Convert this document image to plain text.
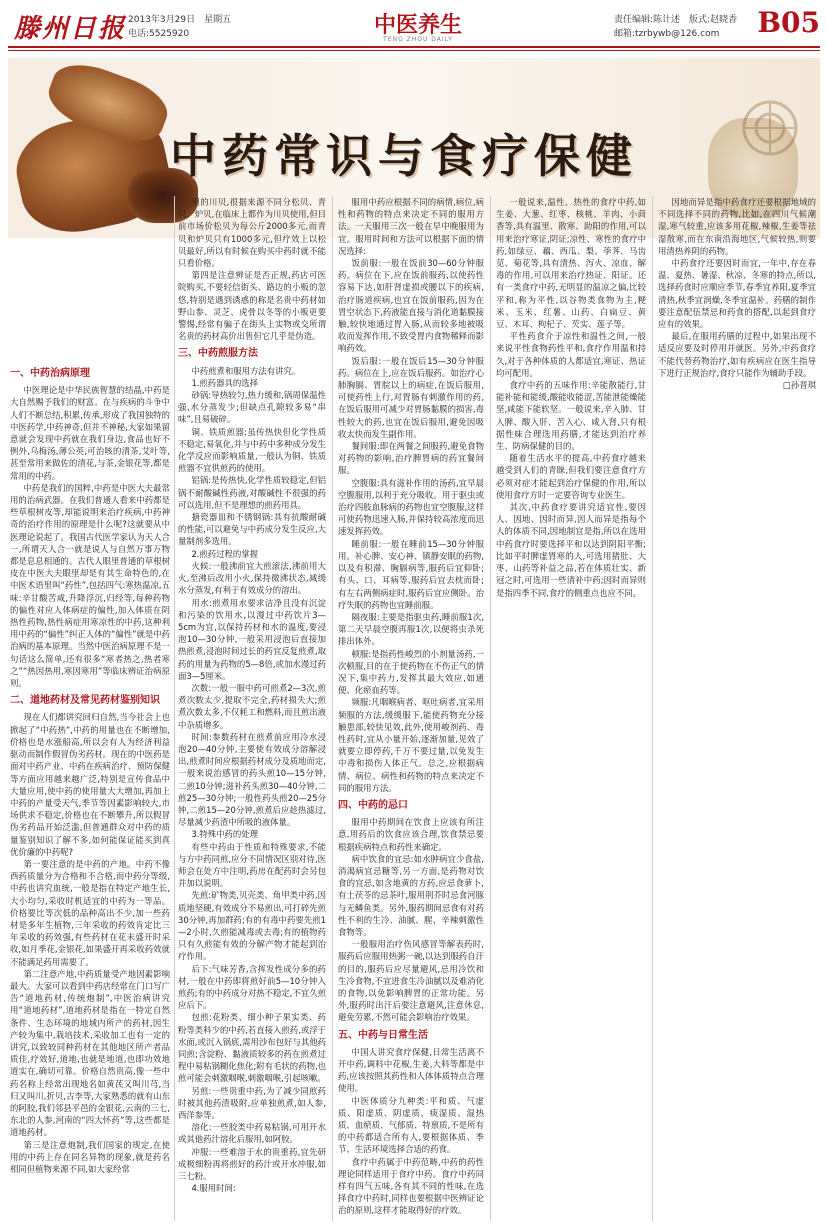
滕州日报 2013年3月29日　星期五
电话:5525920	中医养生
TENG ZHOU DAILY
责任编辑:陈计述　版式:赵晓香
邮箱:tzrbywb@126.com B05
中药常识与食疗保健

用的川贝,很据来源不同分松贝、青贝、炉贝,在临床上都作为川贝使用,但目前市场价松贝为每公斤2000多元,而青贝和炉贝只有1000多元,但疗效上以松贝最好,所以有时候在购买中药时就不能只看价格。

第四是注意辨证是否正规,药店可医院购买,不要轻信街头、路边的小贩的忽悠,特别是遇到诱惑的称是名贵中药材如野山参、灵芝、虎骨以冬等的小贩更要警惕,经常有骗子在街头上实物或交所谓名贵的药材高价出售但它几乎是伪造。

三、中药煎服方法

中药煎煮和服用方法有讲究。

1.煎药器具的选择

砂锅:导热较匀,热力缓和,锅周保温性强,水分蒸发少;但缺点孔隙较多易“串味”,且易破碎。

铜、铁质煎器:虽传热快但化学性质不稳定,易氧化,并与中药中多种成分发生化学反应而影响质量,一般认为铜、铁质煎器不宜供煎药的使用。

铝锅:是传热快,化学性质较稳定,但铝锅不耐酸碱性药液,对酸碱性不很强的药可以选用,但不是理想的煎药用具。

搪瓷器皿和不锈钢锅:具有抗酸耐碱的性能,可以避免与中药成分发生反应,大量制剂多选用。

2.煎药过程的掌握

火候:一般沸前宜大煎滚法,沸前用大火,至沸后改用小火,保持微沸状态,减缓水分蒸发,有利于有效成分的溶出。

用水:煎煮用水要求洁净且没有沉淀和污染的饮用水,以漫过中药饮片3—5cm为宜,以保持药材和水的温度,要浸泡10—30分钟,一般采用浸泡后直接加热煎煮,浸泡时间过长的药宜反复煎煮,取药的用量为药物的5—8倍,或加水漫过药面3—5厘米。

次数:一般一服中药可煎煮2—3次,煎煮次数太少,提取不完全,药材损失大;煎煮次数太多,不仅耗工和燃料,而且煎出液中杂质增多。

时间:参数药材在煎煮前应用冷水浸泡20—40分钟,主要使有效成分溶解浸出,煎煮时间应根据药材成分及质地而定,一般来说治感冒的药头煎10—15分钟,二煎10分钟;滋补药头煎30—40分钟,二煎25—30分钟;一般性药头煎20—25分钟,二煎15—20分钟,煎煮后应趁热滤过,尽量减少药渣中所吸的液体量。

3.特殊中药的处理

有些中药由于性质和特殊要求,不能与方中药同煎,应分不同情况区别对待,医师会在处方中注明,药房在配药时会另包并加以说明。

先煎:矿物类,贝壳类、角甲类中药,因质地坚硬,有效成分不易煎出,可打碎先煎30分钟,再加群药;有的有毒中药要先煎1—2小时,久煎能减毒或去毒;有的植物药只有久煎能有效的分解产物才能起到治疗作用。

后下:气味芳香,含挥发性成分多的药材,一般在中药即将煎好前5—10分钟入煎药;有的中药成分对热不稳定,不宜久煎应后下。

包煎:花粉类、细小种子果实类、药粉等类料少的中药,若直接入煎药,或浮于水面,或沉入锅底,需用沙布包好与其他药同煎;含淀粉、黏液质较多的药在煎煮过程中易粘锅糊化焦化;附有毛状的药物,也煎可能会刺激咽喉,刺激咽喉,引起咳嗽。

另煎:一些贵重中药,为了减少同煎药时被其他药渣吸附,应单独煎煮,如人参,西洋参等。

溶化:一些胶类中药易粘锅,可用开水或其他药汁溶化后服用,如阿胶。

冲服:一些难溶于水的贵重药,宜先研成极细粉再将煎好的药汁或开水冲服,如三七粉。

4.服用时间:

服用中药应根据不同的病情,病位,病性和药物的特点来决定不同的服用方法。一天服用三次一般在早中晚服用为宜。服用时间和方法可以根据下面的情况选择:

饭前服:一般在饭前30—60分钟服药。病位在下,应在饭前服药,以使药性容易下达,如肝肾虚损或腰以下的疾病,治疗肠道疾病,也宜在饭前服药,因为在胃空状态下,药液能直接与消化道黏膜接触,较快地通过胃入肠,从而较多地被吸收而发挥作用,不致受胃内食物稀释而影响药效。

饭后服:一般在饭后15—30分钟服药。病位在上,应在饭后服药。如治疗心肺胸膈、胃脘以上的病症,在饭后服用,可使药性上行,对胃肠有刺激作用的药,在饭后服用可减少对胃肠黏膜的损害,毒性较大的药,也宜在饭后服用,避免因吸收太快而发生副作用。

餐间服:即在两餐之间服药,避免食物对药物的影响,治疗脾胃病的药宜餐间服。

空腹服:具有滋补作用的汤药,宜早晨空腹服用,以利于充分吸收。用于驱虫或治疗四肢血脉病的药物也宜空腹服,这样可使药物迅速入肠,并保持较高浓度而迅速发挥药效。

睡前服:一般在睡前15—30分钟服用。补心脾、安心神、镇静安眠的药物,以及有积滞、胸膈病等,服药后宜仰卧;有头、口、耳病等,服药后宜去枕而卧;有左右两侧病症时,服药后宜应侧卧。治疗失眠的药物也宜睡前服。

隔夜服:主要是指驱虫药,睡前服1次,第二天早晨空腹再服1次,以便将虫杀死排出体外。

顿服:是指药性峻烈的小剂量汤药,一次顿服,目的在于使药物在不伤正气的情况下,集中药力,发挥其最大效应,如通便、化瘀血药等。

频服:凡咽喉病者、呕吐病者,宜采用频服的方法,缓缓服下,能使药物充分接触患部,较快见效,此外,使用峻剂药、毒性药时,宜从小量开始,逐渐加量,见效了就要立即停药,千万不要过量,以免发生中毒和损伤人体正气。总之,应根据病情、病位、病性和药物的特点来决定不同的服用方法。

四、中药的忌口

服用中药期间在饮食上应该有所注意,用药后的饮食应该合理,饮食禁忌要根据疾病特点和药性来确定。

病中饮食的宜忌:如水肿病宜少食盐,消渴病宜忌糖等,另一方面,是药物对饮食的宜忌,如含地黄的方药,应忌食萝卜,有土茯苓的忌茶叶,服用荆芥时忌食河豚与无鳞鱼类。另外,服药期间忌食有对药性不利的生冷、油腻、腥、辛辣刺激性食物等。

一般服用治疗伤风感冒等解表药时,服药后应服用热粥一碗,以达到服药自汗的目的,服药后应尽量避风,忌用冷饮和生冷食物,不宜进食生冷油腻以及难消化的食物,以免影响脾胃的正常功能。另外,服药时出汗后要注意避风,注意休息,避免劳累,不然可能会影响治疗效果。

五、中药与日常生活

中国人讲究食疗保健,日常生活离不开中药,调料中花椒,生姜,大料等都是中药,应该按照其药性和人体体质特点合理使用。

中医体质分九种类:平和质、气虚质、阳虚质、阴虚质、痰湿质、湿热质、血瘀质、气郁质、特禀质,不是所有的中药都适合所有人,要根据体质、季节、生活环境选择合适的药食。

食疗中药属于中药范畴,中药的药性理论同样适用于食疗中药。食疗中药同样有四气五味,各有其不同的性味,在选择食疗中药时,同样也要根据中医辨证论治的原则,这样才能取得好的疗效。

一般说来,温性、热性的食疗中药,如生姜、大葱、红枣、核桃、羊肉、小茴香等,具有温里、散寒、助阳的作用,可以用来治疗寒证,阴证;凉性、寒性的食疗中药,如绿豆、藕、西瓜、梨、荸荠、马齿苋、菊花等,具有清热、泻火、凉血、解毒的作用,可以用来治疗热证、阳证。还有一类食疗中药,无明显的温凉之偏,比较平和,称为平性,以谷物类食物为主,粳米、玉米、红薯、山药、白扁豆、黄豆、木耳、枸杞子、芡实、莲子等。

平性药食介于凉性和温性之间,一般来说平性食物药性平和,食疗作用温和持久,对于各种体质的人都适宜,寒证、热证均可配用。

食疗中药的五味作用:辛能散能行,甘能补能和能缓,酸能收能涩,苦能泄能燥能坚,咸能下能软坚。一般说来,辛入肺、甘入脾、酸入肝、苦入心、咸入肾,只有根据性味合理选用药膳,才能达到治疗养生、防病保健的目的。

随着生活水平的提高,中药食疗越来越受到人们的青睐,但我们要注意食疗方必须对症才能起到治疗保健的作用,所以使用食疗方时一定要咨询专业医生。

其次,中药食疗要讲究适宜性,要因人、因地、因时而异,因人而异是指每个人的体质不同,因地制宜是指,所以在选用中药食疗时要选择平和以达到阴阳平衡;比如平时脾虚胃寒的人,可选用猪肚、大枣、山药等补益之品,若在体质壮实、新冠之时,可选用一些清补中药;因时而异则是指四季不同,食疗的侧重点也应不同。

因地而异是指中药食疗还要根据地域的不同选择不同的药物,比如,在四川气候潮湿,寒气较重,应该多用花椒,辣椒,生姜等祛湿散寒,而在东南沿海地区,气候较热,则要用清热养阴的药物。

中药食疗还要因时而宜,一年中,存在春温、夏热、暑湿、秋凉、冬寒的特点,所以,选择药食时应顺应季节,春季宜养阳,夏季宜清热,秋季宜润燥,冬季宜温补。药膳的制作要注意配伍禁忌和药食的搭配,以起到食疗应有的效果。

最后,在服用药膳的过程中,如果出现不适反应要及时停用并就医。另外,中药食疗不能代替药物治疗,如有疾病应在医生指导下进行正规治疗,食疗只能作为辅助手段。

□孙晋琪

一、中药治病原理

中医理论是中华民族智慧的结晶,中药是大自然赐予我们的财富。在与疾病的斗争中人们不断总结,积累,传承,形成了我国独特的中医药学,中药神奇,但并不神秘,大家如果留意就会发现中药就在我们身边,食品也好不例外,乌梅汤,薄公英,可治咳的清茶,艾叶等,甚至常用来做佐的清花,与茶,金银花等,都是常用的中药。

中药是我们的国粹,中药是中医大夫最常用的治病武器。在我们普通人看来中药都是些草根树皮等,却能说明来治疗疾病,中药神奇的治疗作用的原理是什么呢?这就要从中医理论说起了。我国古代医学家认为天人合一,所谓天人合一就是说人与自然万事万物都是息息相通的。古代人眼里普通的草根树皮在中医大夫眼里却是有其生命特色的,在中医术语里叫“药性”,包括四气:寒热温凉,五味:辛甘酸苦咸,升降浮沉,归经等,每种药物的偏性对应人体病症的偏性,加入体质在阴热性药物,热性病症用寒凉性的中药,这种利用中药的“偏性”纠正人体的“偏性”就是中药治病的基本原理。当然中医治病原理不是一句话这么简单,还有很多“寒者热之,热者寒之”“热因热用,寒因寒用”等临床辨证治病原则。

二、道地药材及常见药材鉴别知识

现在人们都讲究回归自然,当今社会上也掀起了“中药热”,中药的用量也在不断增加,价格也是水涨船高,所以会有人为经济利益驱动而制作假冒伪劣药材。现在的中医药是面对中药产业、中药在疾病治疗、预防保健等方面应用越来越广泛,特别是宣传食品中大量应用,使中药的使用量大大增加,再加上中药的产量受天气,季节等因素影响较大,市场供求不稳定,价格也在不断攀升,所以假冒伪劣药品开始泛滥,但普通群众对中药的质量鉴别知识了解不多,如何能保证能买到真优价廉的中药呢?

第一要注意的是中药的产地。中药不像西药质量分为合格和不合格,而中药分等级,中药也讲究血统,一般是指在特定产地生长,大小均匀,采收时机适宜的中药为一等品。价格要比等次低的品种高出不少,加一些药材是多年生植物,三年采收的药效肯定比三年采收的药效强,有些药材在花未盛开时采收,如月季花,金银花,如果盛开再采收药效就不能满足药用需要了。

第二注意产地,中药质量受产地因素影响最大。大家可以看到中药店经常在门口写广告“道地药材,传统炮制”,中医治病讲究用“道地药材”,道地药材是指在一特定自然条件、生态环境的地域内所产的药材,因生产较为集中,栽培技术,采收加工也有一定的讲究,以致较同种药材在其他地区所产者品质佳,疗效好,道地,也就是地道,也即功效地道实在,确切可靠。价格自然贵高,像一些中药名称上经常出现地名如黄芪又叫川芎,当归又叫川,折贝,古李等,大家熟悉的就有山东的阿胶,我们邻县平邑的金银花,云南的三七,东北的人参,河南的“四大怀药”等,这些都是道地药材。

第三是注意炮制,我们国家的规定,在使用的中药上存在同名异物的现象,就是药名相同但植物来源不同,如大家经常
